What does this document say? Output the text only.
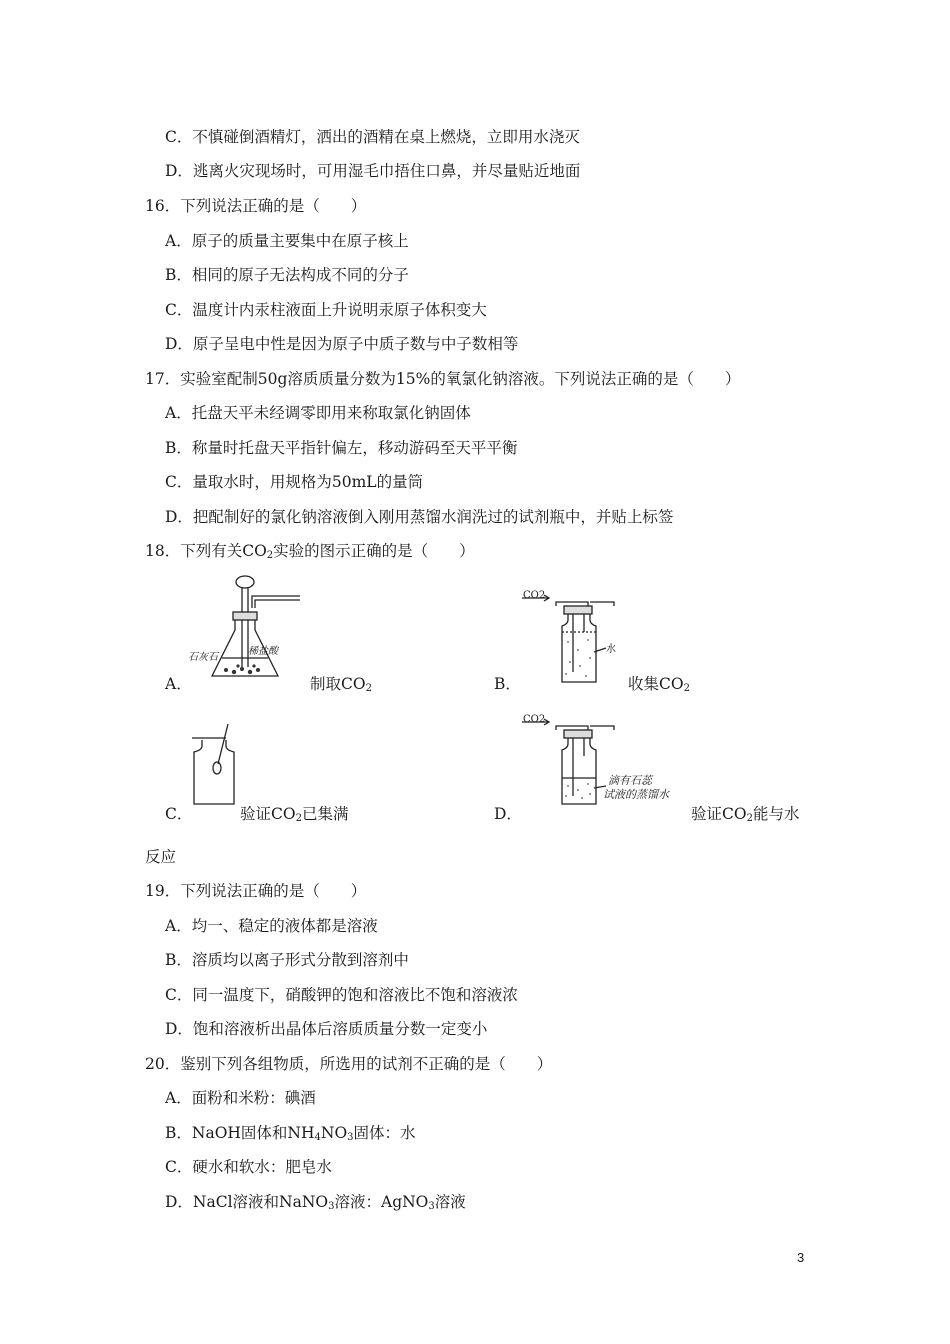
C．不慎碰倒酒精灯，洒出的酒精在桌上燃烧，立即用水浇灭
D．逃离火灾现场时，可用湿毛巾捂住口鼻，并尽量贴近地面
16．下列说法正确的是（　　）
A．原子的质量主要集中在原子核上
B．相同的原子无法构成不同的分子
C．温度计内汞柱液面上升说明汞原子体积变大
D．原子呈电中性是因为原子中质子数与中子数相等
17．实验室配制50g溶质质量分数为15%的氧氯化钠溶液。下列说法正确的是（　　）
A．托盘天平未经调零即用来称取氯化钠固体
B．称量时托盘天平指针偏左，移动游码至天平平衡
C．量取水时，用规格为50mL的量筒
D．把配制好的氯化钠溶液倒入刚用蒸馏水润洗过的试剂瓶中，并贴上标签
18．下列有关$CO_2$实验的图示正确的是（　　）
石灰石
稀盐酸
A．	制取$CO_2$
CO2
水
B．	收集$CO_2$
C．	验证$CO_2$已集满
CO2
滴有石蕊
试液的蒸馏水
D．	验证$CO_2$能与水
反应
19．下列说法正确的是（　　）
A．均一、稳定的液体都是溶液
B．溶质均以离子形式分散到溶剂中
C．同一温度下，硝酸钾的饱和溶液比不饱和溶液浓
D．饱和溶液析出晶体后溶质质量分数一定变小
20．鉴别下列各组物质，所选用的试剂不正确的是（　　）
A．面粉和米粉：碘酒
B．NaOH固体和$NH_4NO_3$固体：水
C．硬水和软水：肥皂水
D．NaCl溶液和NaNO$_3$溶液：AgNO$_3$溶液
3
